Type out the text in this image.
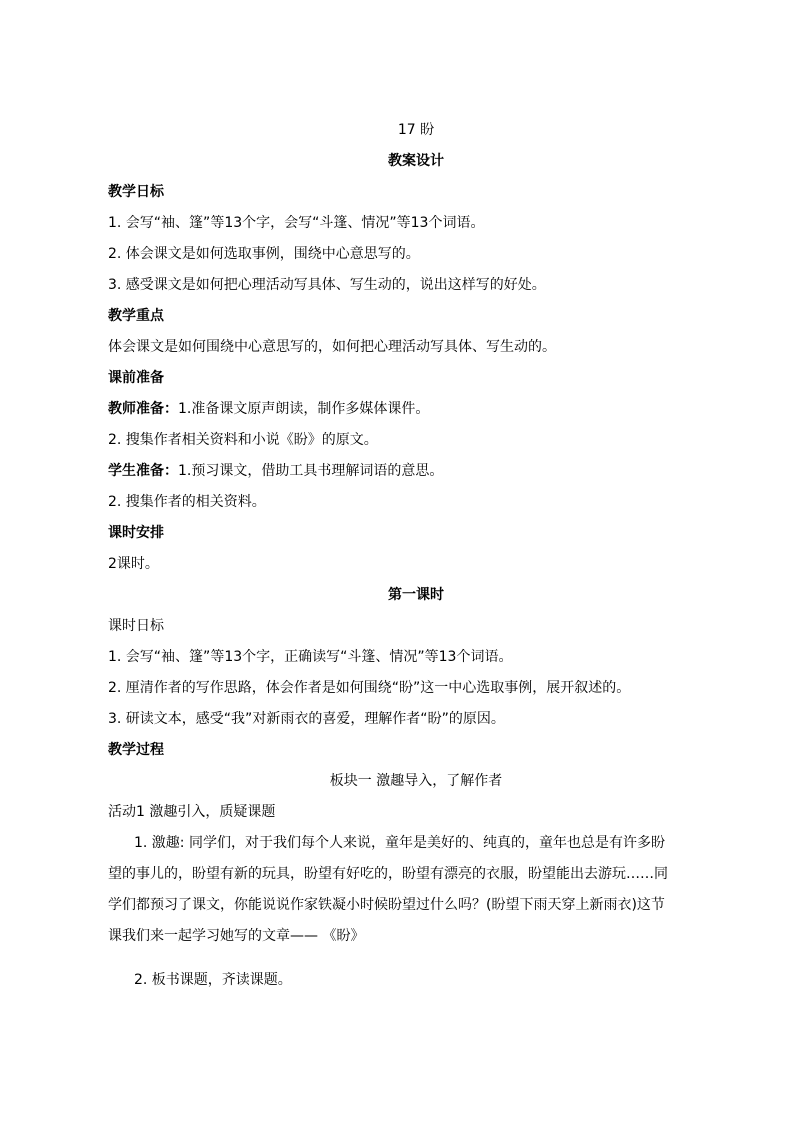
17 盼
教案设计
教学日标
1. 会写“袖、篷”等13个字，会写“斗篷、情况”等13个词语。
2. 体会课文是如何选取事例，围绕中心意思写的。
3. 感受课文是如何把心理活动写具体、写生动的，说出这样写的好处。
教学重点
体会课文是如何围绕中心意思写的，如何把心理活动写具体、写生动的。
课前准备
教师准备：1.准备课文原声朗读，制作多媒体课件。
2. 搜集作者相关资料和小说《盼》的原文。
学生准备：1.预习课文，借助工具书理解词语的意思。
2. 搜集作者的相关资料。
课时安排
2课时。
第一课时
课时日标
1. 会写“袖、篷”等13个字，正确读写“斗篷、情况”等13个词语。
2. 厘清作者的写作思路，体会作者是如何围绕“盼”这一中心选取事例，展开叙述的。
3. 研读文本，感受“我”对新雨衣的喜爱，理解作者“盼”的原因。
教学过程
板块一 激趣导入，了解作者
活动1 激趣引入，质疑课题
1. 激趣: 同学们，对于我们每个人来说，童年是美好的、纯真的，童年也总是有许多盼
望的事儿的，盼望有新的玩具，盼望有好吃的，盼望有漂亮的衣服，盼望能出去游玩……同
学们都预习了课文，你能说说作家铁凝小时候盼望过什么吗？(盼望下雨天穿上新雨衣)这节
课我们来一起学习她写的文章—— 《盼》
2. 板书课题，齐读课题。
